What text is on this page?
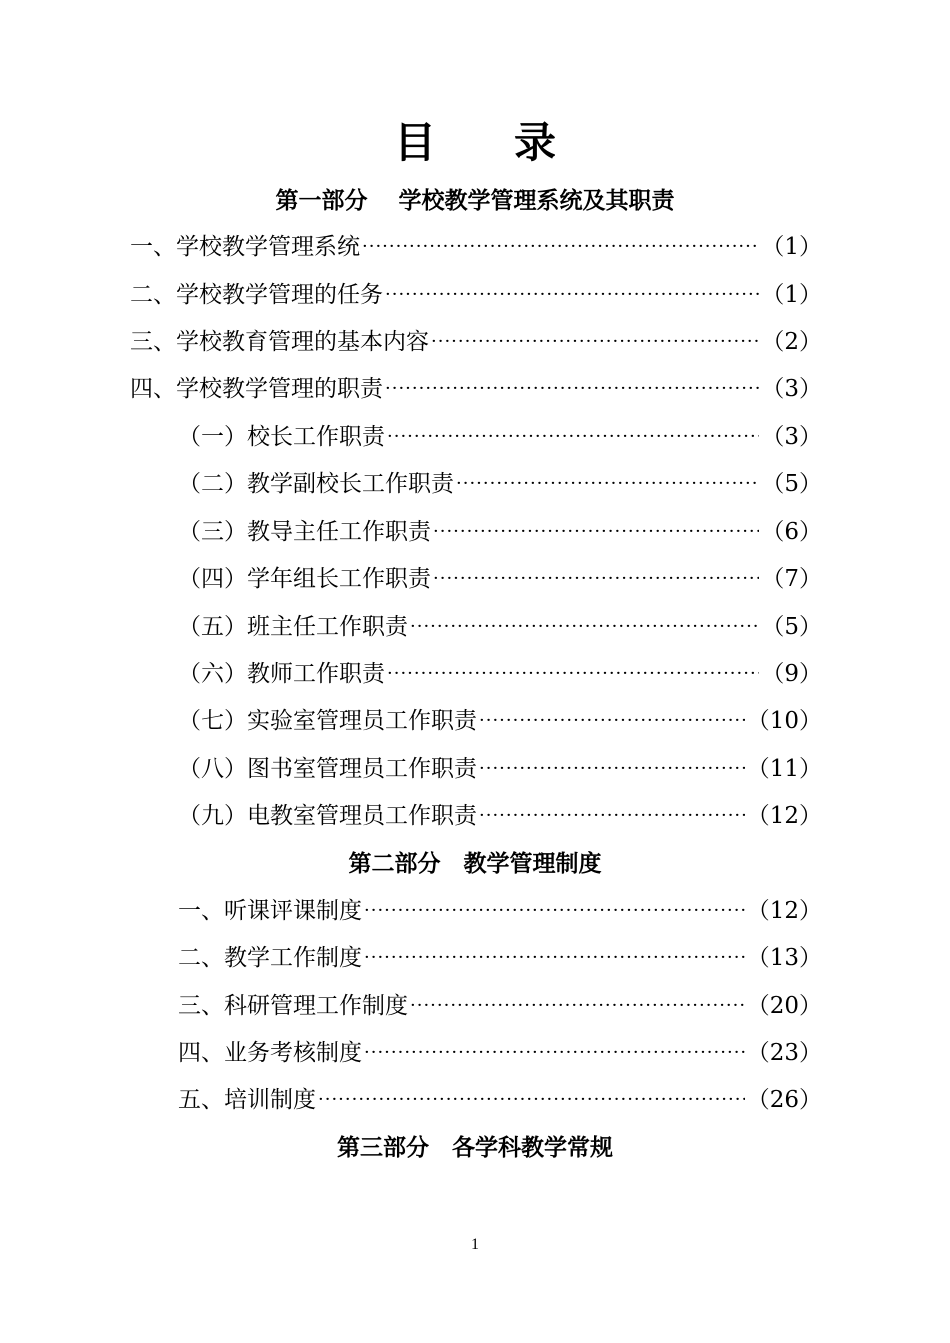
目录
第一部分　 学校教学管理系统及其职责
一、学校教学管理系统 ·····	（1）
二、学校教学管理的任务 ·····	（1）
三、学校教育管理的基本内容 ·····	（2）
四、学校教学管理的职责 ·····	（3）
（一）校长工作职责 ·····	（3）
（二）教学副校长工作职责 ·····	（5）
（三）教导主任工作职责 ·····	（6）
（四）学年组长工作职责 ·····	（7）
（五）班主任工作职责 ·····	（5）
（六）教师工作职责 ·····	（9）
（七）实验室管理员工作职责 ·····	（10）
（八）图书室管理员工作职责 ·····	（11）
（九）电教室管理员工作职责 ·····	（12）
第二部分　教学管理制度
一、听课评课制度 ·····	（12）
二、教学工作制度 ·····	（13）
三、科研管理工作制度 ·····	（20）
四、业务考核制度 ·····	（23）
五、培训制度 ·····	（26）
第三部分　各学科教学常规
1
